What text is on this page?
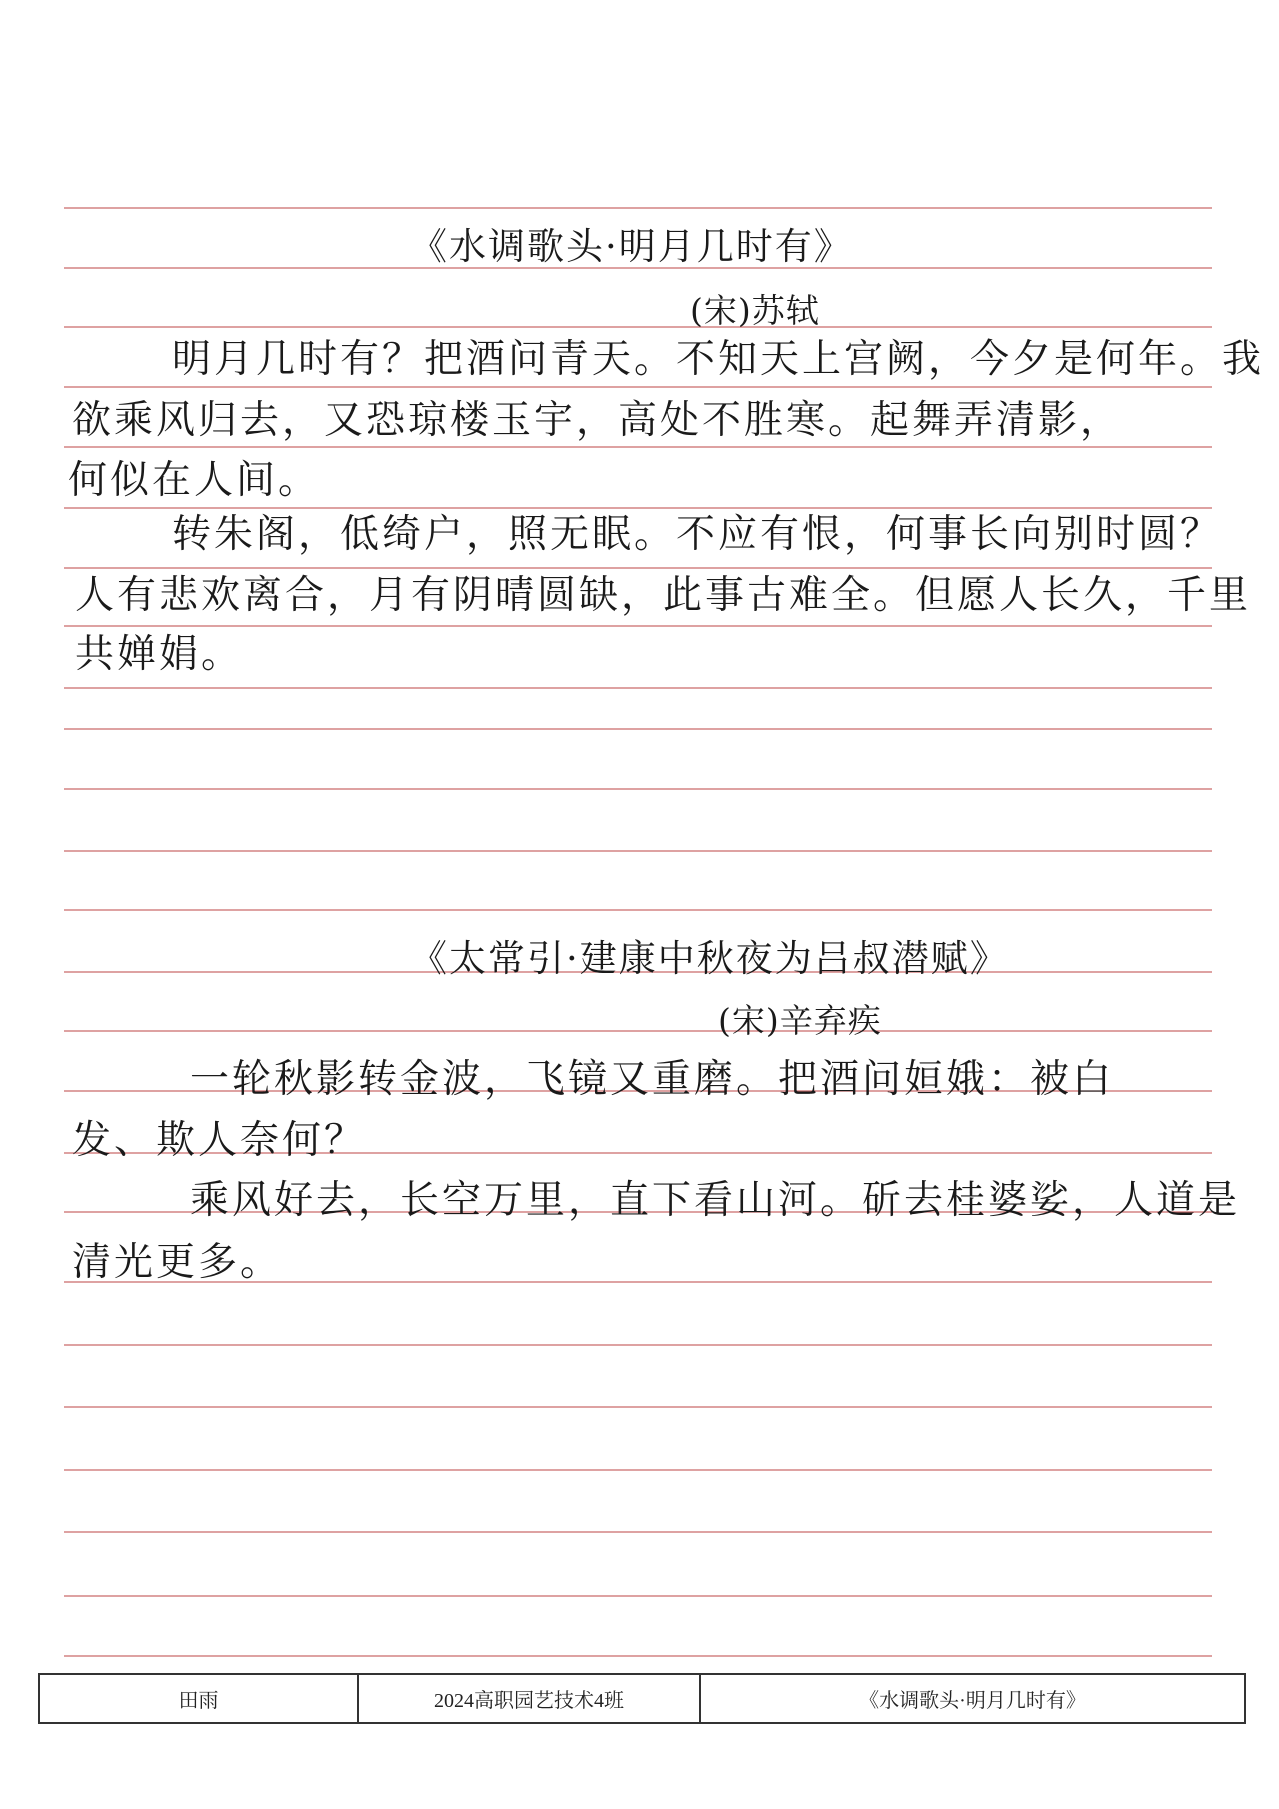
《水调歌头·明月几时有》
(宋)苏轼
明月几时有？把酒问青天。不知天上宫阙，今夕是何年。我
欲乘风归去，又恐琼楼玉宇，高处不胜寒。起舞弄清影，
何似在人间。
转朱阁，低绮户，照无眠。不应有恨，何事长向别时圆？
人有悲欢离合，月有阴晴圆缺，此事古难全。但愿人长久，千里
共婵娟。
《太常引·建康中秋夜为吕叔潜赋》
(宋)辛弃疾
一轮秋影转金波，飞镜又重磨。把酒问姮娥：被白
发、欺人奈何？
乘风好去，长空万里，直下看山河。斫去桂婆娑，人道是
清光更多。
田雨	2024高职园艺技术4班	《水调歌头·明月几时有》
